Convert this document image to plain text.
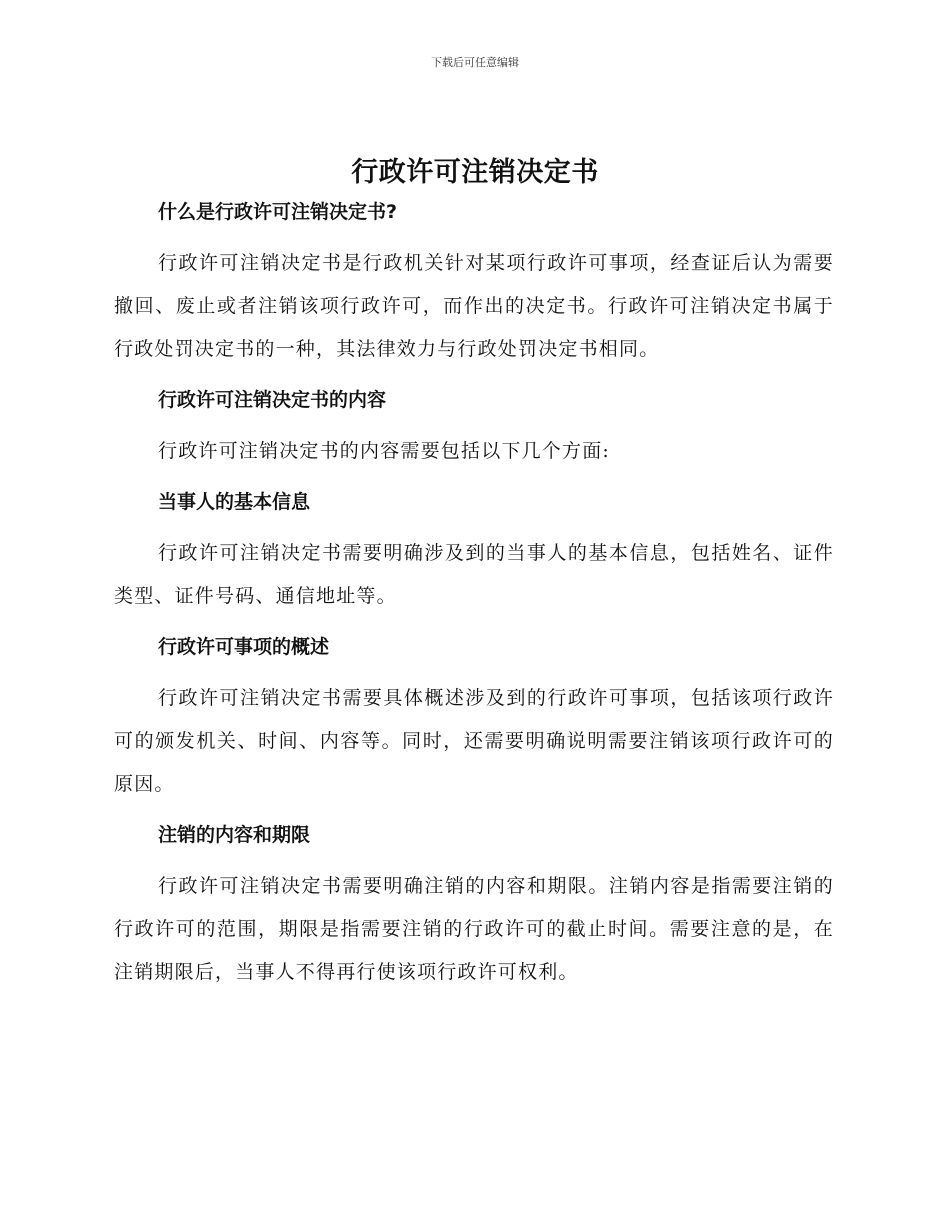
下载后可任意编辑
行政许可注销决定书
什么是行政许可注销决定书?

行政许可注销决定书是行政机关针对某项行政许可事项，经查证后认为需要撤回、废止或者注销该项行政许可，而作出的决定书。行政许可注销决定书属于行政处罚决定书的一种，其法律效力与行政处罚决定书相同。

行政许可注销决定书的内容

行政许可注销决定书的内容需要包括以下几个方面:

当事人的基本信息

行政许可注销决定书需要明确涉及到的当事人的基本信息，包括姓名、证件类型、证件号码、通信地址等。

行政许可事项的概述

行政许可注销决定书需要具体概述涉及到的行政许可事项，包括该项行政许可的颁发机关、时间、内容等。同时，还需要明确说明需要注销该项行政许可的原因。

注销的内容和期限

行政许可注销决定书需要明确注销的内容和期限。注销内容是指需要注销的行政许可的范围，期限是指需要注销的行政许可的截止时间。需要注意的是，在注销期限后，当事人不得再行使该项行政许可权利。
